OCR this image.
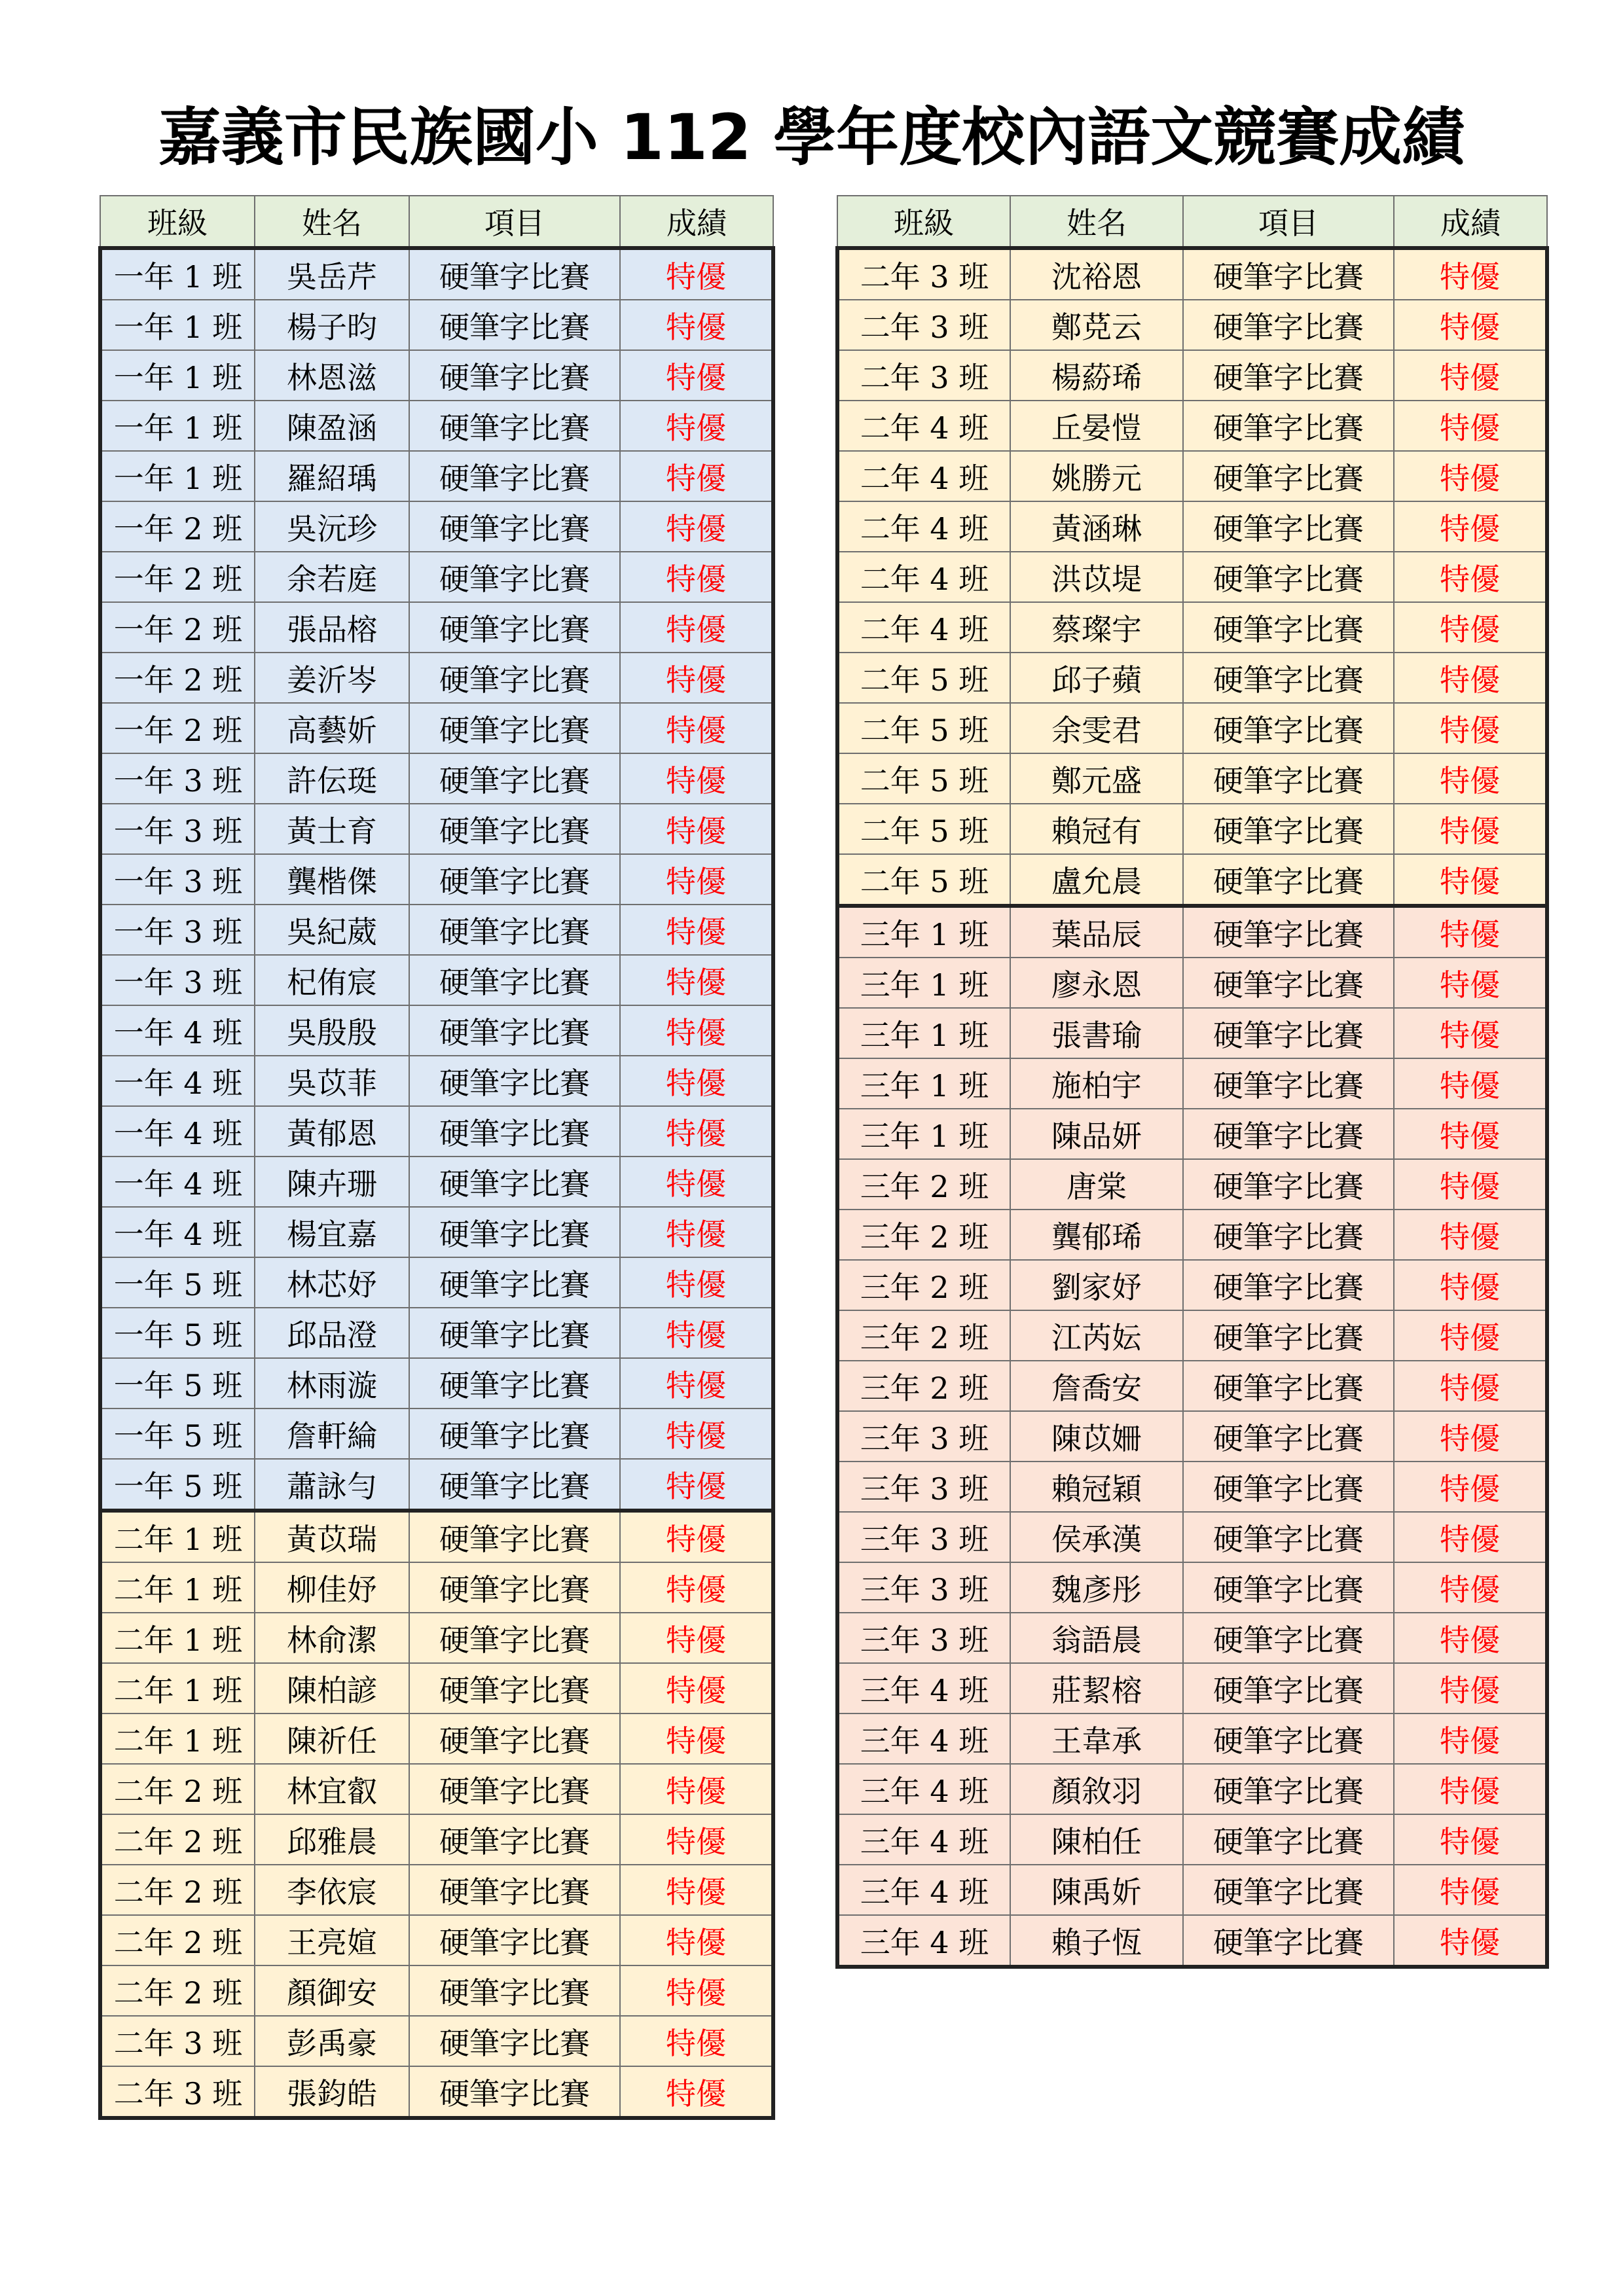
嘉義市民族國小 112 學年度校內語文競賽成績
班級	姓名	項目	成績
一年 1 班	吳岳芹	硬筆字比賽	特優
一年 1 班	楊子昀	硬筆字比賽	特優
一年 1 班	林恩滋	硬筆字比賽	特優
一年 1 班	陳盈涵	硬筆字比賽	特優
一年 1 班	羅紹瑀	硬筆字比賽	特優
一年 2 班	吳沅珍	硬筆字比賽	特優
一年 2 班	余若庭	硬筆字比賽	特優
一年 2 班	張品榕	硬筆字比賽	特優
一年 2 班	姜沂岑	硬筆字比賽	特優
一年 2 班	高藝妡	硬筆字比賽	特優
一年 3 班	許伝珽	硬筆字比賽	特優
一年 3 班	黃士育	硬筆字比賽	特優
一年 3 班	龔楷傑	硬筆字比賽	特優
一年 3 班	吳紀葳	硬筆字比賽	特優
一年 3 班	杞侑宸	硬筆字比賽	特優
一年 4 班	吳殷殷	硬筆字比賽	特優
一年 4 班	吳苡菲	硬筆字比賽	特優
一年 4 班	黃郁恩	硬筆字比賽	特優
一年 4 班	陳卉珊	硬筆字比賽	特優
一年 4 班	楊宜嘉	硬筆字比賽	特優
一年 5 班	林芯妤	硬筆字比賽	特優
一年 5 班	邱品澄	硬筆字比賽	特優
一年 5 班	林雨漩	硬筆字比賽	特優
一年 5 班	詹軒綸	硬筆字比賽	特優
一年 5 班	蕭詠勻	硬筆字比賽	特優
二年 1 班	黃苡瑞	硬筆字比賽	特優
二年 1 班	柳佳妤	硬筆字比賽	特優
二年 1 班	林俞潔	硬筆字比賽	特優
二年 1 班	陳柏諺	硬筆字比賽	特優
二年 1 班	陳祈任	硬筆字比賽	特優
二年 2 班	林宜叡	硬筆字比賽	特優
二年 2 班	邱雅晨	硬筆字比賽	特優
二年 2 班	李依宸	硬筆字比賽	特優
二年 2 班	王亮媗	硬筆字比賽	特優
二年 2 班	顏御安	硬筆字比賽	特優
二年 3 班	彭禹豪	硬筆字比賽	特優
二年 3 班	張鈞皓	硬筆字比賽	特優
班級	姓名	項目	成績
二年 3 班	沈裕恩	硬筆字比賽	特優
二年 3 班	鄭莌云	硬筆字比賽	特優
二年 3 班	楊蒶琋	硬筆字比賽	特優
二年 4 班	丘晏愷	硬筆字比賽	特優
二年 4 班	姚勝元	硬筆字比賽	特優
二年 4 班	黃涵琳	硬筆字比賽	特優
二年 4 班	洪苡堤	硬筆字比賽	特優
二年 4 班	蔡璨宇	硬筆字比賽	特優
二年 5 班	邱子蘋	硬筆字比賽	特優
二年 5 班	余雯君	硬筆字比賽	特優
二年 5 班	鄭元盛	硬筆字比賽	特優
二年 5 班	賴冠有	硬筆字比賽	特優
二年 5 班	盧允晨	硬筆字比賽	特優
三年 1 班	葉品辰	硬筆字比賽	特優
三年 1 班	廖永恩	硬筆字比賽	特優
三年 1 班	張書瑜	硬筆字比賽	特優
三年 1 班	施柏宇	硬筆字比賽	特優
三年 1 班	陳品妍	硬筆字比賽	特優
三年 2 班	唐棠	硬筆字比賽	特優
三年 2 班	龔郁琋	硬筆字比賽	特優
三年 2 班	劉家妤	硬筆字比賽	特優
三年 2 班	江芮妘	硬筆字比賽	特優
三年 2 班	詹喬安	硬筆字比賽	特優
三年 3 班	陳苡姍	硬筆字比賽	特優
三年 3 班	賴冠穎	硬筆字比賽	特優
三年 3 班	侯承漢	硬筆字比賽	特優
三年 3 班	魏彥彤	硬筆字比賽	特優
三年 3 班	翁語晨	硬筆字比賽	特優
三年 4 班	莊絜榕	硬筆字比賽	特優
三年 4 班	王韋承	硬筆字比賽	特優
三年 4 班	顏敘羽	硬筆字比賽	特優
三年 4 班	陳柏任	硬筆字比賽	特優
三年 4 班	陳禹妡	硬筆字比賽	特優
三年 4 班	賴子恆	硬筆字比賽	特優
